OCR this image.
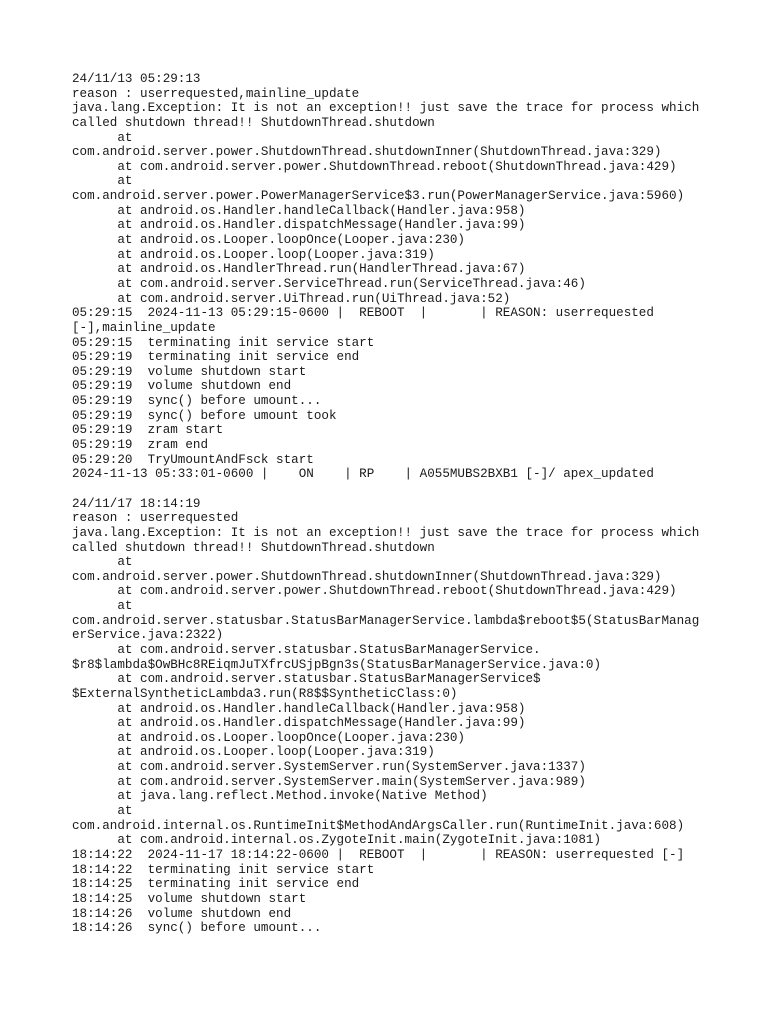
24/11/13 05:29:13
reason : userrequested,mainline_update
java.lang.Exception: It is not an exception!! just save the trace for process which
called shutdown thread!! ShutdownThread.shutdown
at
com.android.server.power.ShutdownThread.shutdownInner(ShutdownThread.java:329)
at com.android.server.power.ShutdownThread.reboot(ShutdownThread.java:429)
at
com.android.server.power.PowerManagerService$3.run(PowerManagerService.java:5960)
at android.os.Handler.handleCallback(Handler.java:958)
at android.os.Handler.dispatchMessage(Handler.java:99)
at android.os.Looper.loopOnce(Looper.java:230)
at android.os.Looper.loop(Looper.java:319)
at android.os.HandlerThread.run(HandlerThread.java:67)
at com.android.server.ServiceThread.run(ServiceThread.java:46)
at com.android.server.UiThread.run(UiThread.java:52)
05:29:15  2024-11-13 05:29:15-0600 |  REBOOT  |       | REASON: userrequested
[-],mainline_update
05:29:15  terminating init service start
05:29:19  terminating init service end
05:29:19  volume shutdown start
05:29:19  volume shutdown end
05:29:19  sync() before umount...
05:29:19  sync() before umount took
05:29:19  zram start
05:29:19  zram end
05:29:20  TryUmountAndFsck start
2024-11-13 05:33:01-0600 |    ON    | RP    | A055MUBS2BXB1 [-]/ apex_updated
24/11/17 18:14:19
reason : userrequested
java.lang.Exception: It is not an exception!! just save the trace for process which
called shutdown thread!! ShutdownThread.shutdown
at
com.android.server.power.ShutdownThread.shutdownInner(ShutdownThread.java:329)
at com.android.server.power.ShutdownThread.reboot(ShutdownThread.java:429)
at
com.android.server.statusbar.StatusBarManagerService.lambda$reboot$5(StatusBarManag
erService.java:2322)
at com.android.server.statusbar.StatusBarManagerService.
$r8$lambda$OwBHc8REiqmJuTXfrcUSjpBgn3s(StatusBarManagerService.java:0)
at com.android.server.statusbar.StatusBarManagerService$
$ExternalSyntheticLambda3.run(R8$$SyntheticClass:0)
at android.os.Handler.handleCallback(Handler.java:958)
at android.os.Handler.dispatchMessage(Handler.java:99)
at android.os.Looper.loopOnce(Looper.java:230)
at android.os.Looper.loop(Looper.java:319)
at com.android.server.SystemServer.run(SystemServer.java:1337)
at com.android.server.SystemServer.main(SystemServer.java:989)
at java.lang.reflect.Method.invoke(Native Method)
at
com.android.internal.os.RuntimeInit$MethodAndArgsCaller.run(RuntimeInit.java:608)
at com.android.internal.os.ZygoteInit.main(ZygoteInit.java:1081)
18:14:22  2024-11-17 18:14:22-0600 |  REBOOT  |       | REASON: userrequested [-]
18:14:22  terminating init service start
18:14:25  terminating init service end
18:14:25  volume shutdown start
18:14:26  volume shutdown end
18:14:26  sync() before umount...
